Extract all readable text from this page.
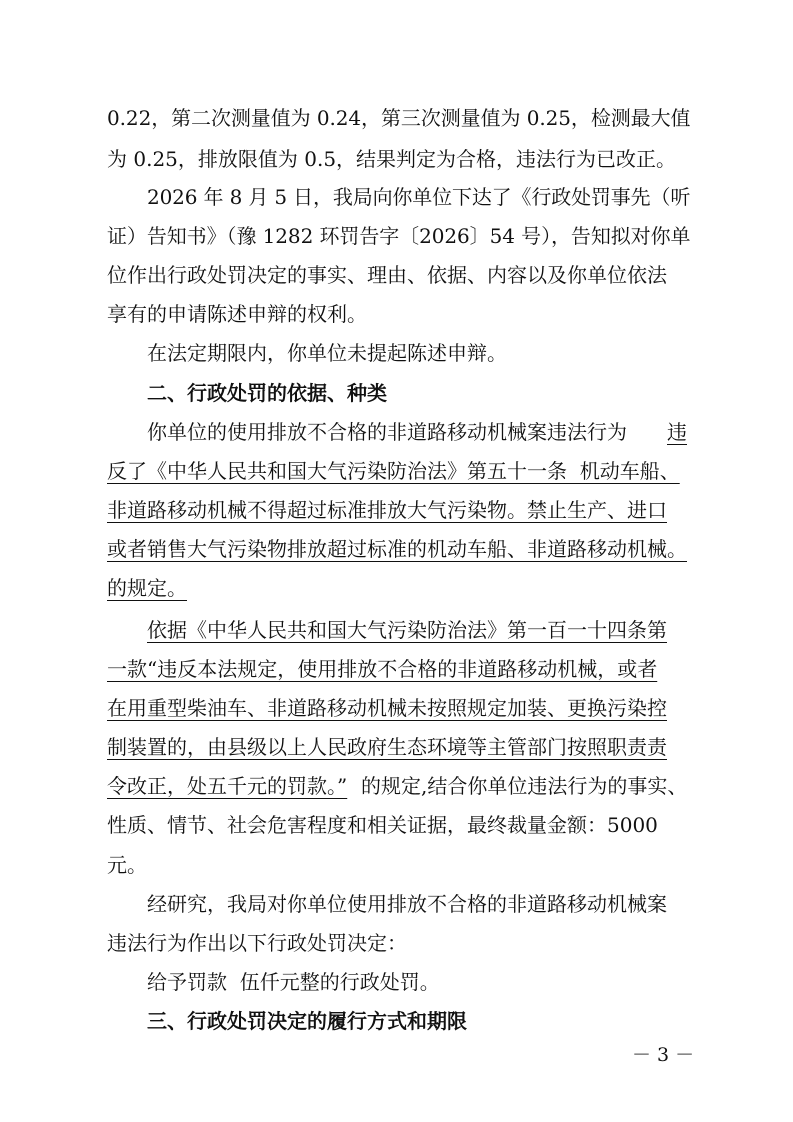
0.22，第二次测量值为 0.24，第三次测量值为 0.25，检测最大值

为 0.25，排放限值为 0.5，结果判定为合格，违法行为已改正。

2026 年 8 月 5 日，我局向你单位下达了《行政处罚事先（听

证）告知书》（豫 1282 环罚告字〔2026〕54 号），告知拟对你单

位作出行政处罚决定的事实、理由、依据、内容以及你单位依法

享有的申请陈述申辩的权利。

在法定期限内，你单位未提起陈述申辩。

二、行政处罚的依据、种类

你单位的使用排放不合格的非道路移动机械案违法行为

违

反了《中华人民共和国大气污染防治法》第五十一条  机动车船、

非道路移动机械不得超过标准排放大气污染物。禁止生产、进口

或者销售大气污染物排放超过标准的机动车船、非道路移动机械。

的规定。

依据《中华人民共和国大气污染防治法》第一百一十四条第

一款“违反本法规定，使用排放不合格的非道路移动机械，或者

在用重型柴油车、非道路移动机械未按照规定加装、更换污染控

制装置的，由县级以上人民政府生态环境等主管部门按照职责责

令改正，处五千元的罚款。”

的规定,结合你单位违法行为的事实、

性质、情节、社会危害程度和相关证据，最终裁量金额：5000

元。

经研究，我局对你单位使用排放不合格的非道路移动机械案

违法行为作出以下行政处罚决定：

给予罚款  伍仟元整的行政处罚。

三、行政处罚决定的履行方式和期限

－ 3 －
